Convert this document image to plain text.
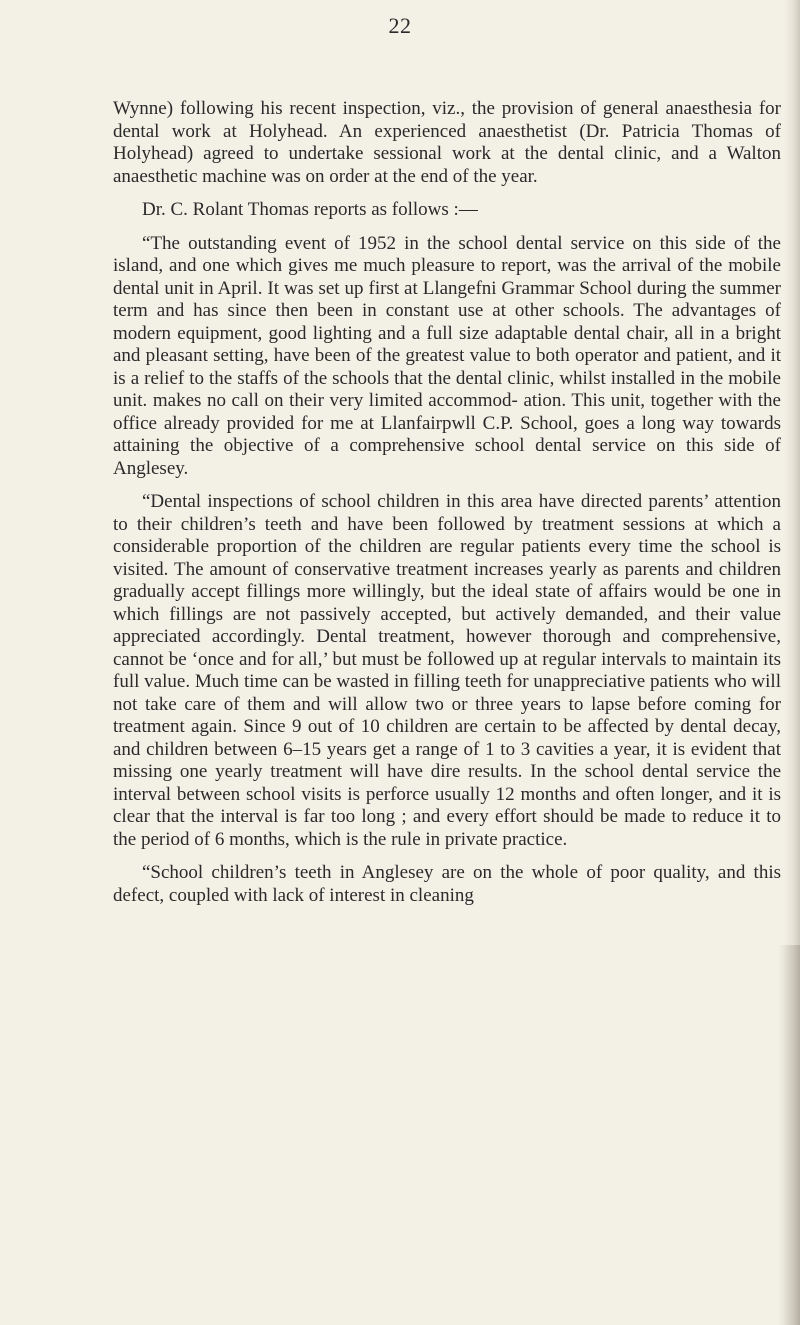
22

Wynne) following his recent inspection, viz., the provision of general anaesthesia for dental work at Holyhead. An experienced anaesthetist (Dr. Patricia Thomas of Holyhead) agreed to undertake sessional work at the dental clinic, and a Walton anaesthetic machine was on order at the end of the year.

Dr. C. Rolant Thomas reports as follows :—

“The outstanding event of 1952 in the school dental service on this side of the island, and one which gives me much pleasure to report, was the arrival of the mobile dental unit in April. It was set up first at Llangefni Grammar School during the summer term and has since then been in constant use at other schools. The advantages of modern equipment, good lighting and a full size adaptable dental chair, all in a bright and pleasant setting, have been of the greatest value to both operator and patient, and it is a relief to the staffs of the schools that the dental clinic, whilst installed in the mobile unit. makes no call on their very limited accommod- ation. This unit, together with the office already provided for me at Llanfairpwll C.P. School, goes a long way towards attaining the objective of a comprehensive school dental service on this side of Anglesey.

“Dental inspections of school children in this area have directed parents’ attention to their children’s teeth and have been followed by treatment sessions at which a considerable proportion of the children are regular patients every time the school is visited. The amount of conservative treatment increases yearly as parents and children gradually accept fillings more willingly, but the ideal state of affairs would be one in which fillings are not passively accepted, but actively demanded, and their value appreciated accordingly. Dental treatment, however thorough and comprehensive, cannot be ‘once and for all,’ but must be followed up at regular intervals to maintain its full value. Much time can be wasted in filling teeth for unappreciative patients who will not take care of them and will allow two or three years to lapse before coming for treatment again. Since 9 out of 10 children are certain to be affected by dental decay, and children between 6–15 years get a range of 1 to 3 cavities a year, it is evident that missing one yearly treatment will have dire results. In the school dental service the interval between school visits is perforce usually 12 months and often longer, and it is clear that the interval is far too long ; and every effort should be made to reduce it to the period of 6 months, which is the rule in private practice.

“School children’s teeth in Anglesey are on the whole of poor quality, and this defect, coupled with lack of interest in cleaning
